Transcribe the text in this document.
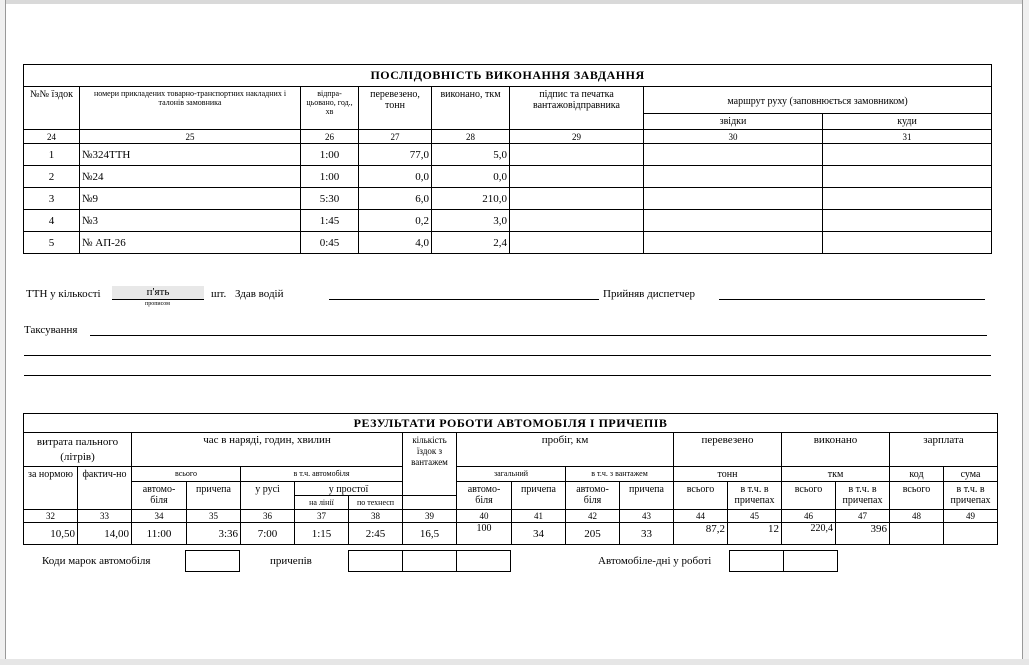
ПОСЛІДОВНІСТЬ ВИКОНАННЯ ЗАВДАННЯ							
№№ їздок	номери прикладених товарно-транспортних накладних і талонів замовника	відпра-цьовано, год., хв	перевезено, тонн	виконано, ткм	підпис та печатка вантажовідправника	маршрут руху (заповнюється замовником)	
						звідки	куди
24	25	26	27	28	29	30	31
1	№324ТТН	1:00	77,0	5,0			
2	№24	1:00	0,0	0,0			
3	№9	5:30	6,0	210,0			
4	№3	1:45	0,2	3,0			
5	№ АП-26	0:45	4,0	2,4			
ТТН у кількості	п'ять
прописом
шт. Здав водій	Прийняв диспетчер
Таксування
РЕЗУЛЬТАТИ РОБОТИ АВТОМОБІЛЯ І ПРИЧЕПІВ																	
витрата пального (літрів)		час в наряді, годин, хвилин					кількість їздок з вантажем	пробіг, км				перевезено		виконано		зарплата	
за нормою	фактич-но	всього		в т.ч. автомобіля				загальний		в т.ч. з вантажем		тонн		ткм		код	сума
		автомо-біля	причепа	у русі	у простої			автомо-біля	причепа	автомо-біля	причепа	всього	в т.ч. в причепах	всього	в т.ч. в причепах	всього	в т.ч. в причепах
					на лінії	по технесп											
32	33	34	35	36	37	38	39	40	41	42	43	44	45	46	47	48	49
10,50	14,00	11:00	3:36	7:00	1:15	2:45	16,5	100	34	205	33	87,2	12	220,4	396		
Коди марок автомобіля	причепів	Автомобіле-дні у роботі
